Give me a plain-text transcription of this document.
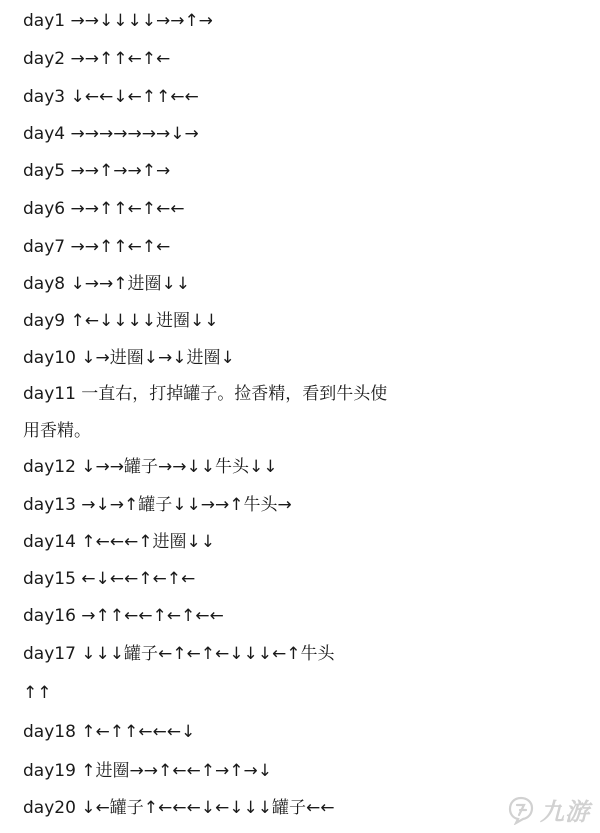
day1 →→↓↓↓↓→→↑→
day2 →→↑↑←↑←
day3 ↓←←↓←↑↑←←
day4 →→→→→→→↓→
day5 →→↑→→↑→
day6 →→↑↑←↑←←
day7 →→↑↑←↑←
day8 ↓→→↑进圈↓↓
day9 ↑←↓↓↓↓进圈↓↓
day10 ↓→进圈↓→↓进圈↓
day11 一直右，打掉罐子。捡香精，看到牛头使
用香精。
day12 ↓→→罐子→→↓↓牛头↓↓
day13 →↓→↑罐子↓↓→→↑牛头→
day14 ↑←←←↑进圈↓↓
day15 ←↓←←↑←↑←
day16 →↑↑←←↑←↑←←
day17 ↓↓↓罐子←↑←↑←↓↓↓←↑牛头
↑↑
day18 ↑←↑↑←←←↓
day19 ↑进圈→→↑←←↑→↑→↓
day20 ↓←罐子↑←←←↓←↓↓↓罐子←←	九游
